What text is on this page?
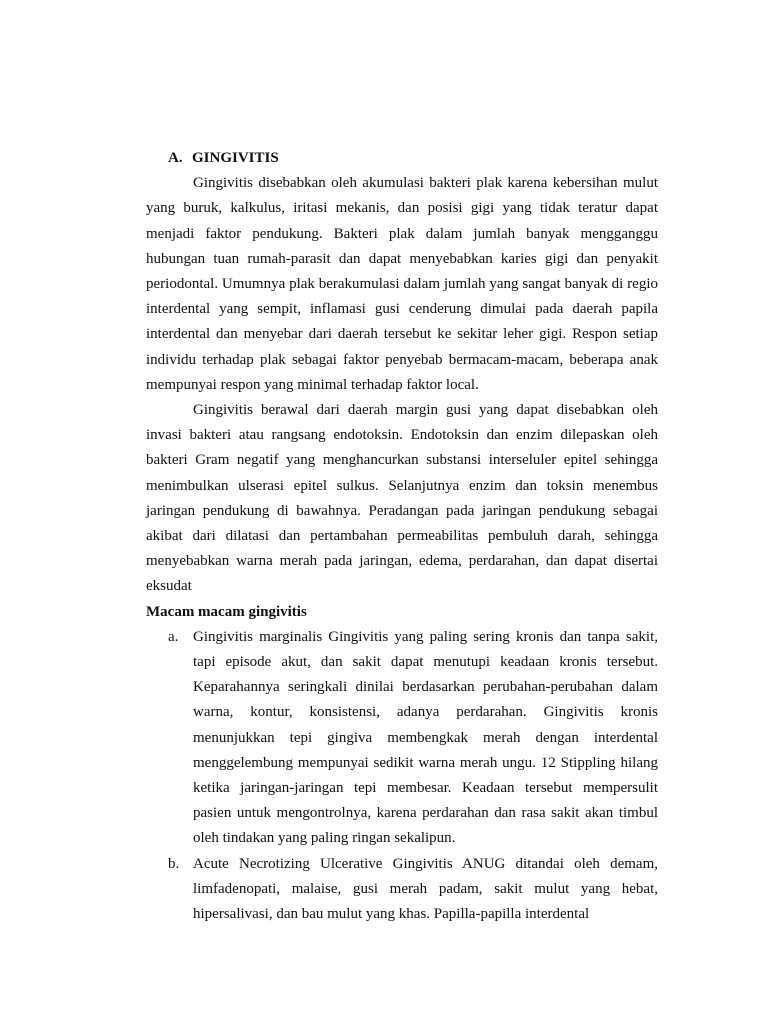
A. GINGIVITIS

Gingivitis disebabkan oleh akumulasi bakteri plak karena kebersihan mulut yang buruk, kalkulus, iritasi mekanis, dan posisi gigi yang tidak teratur dapat menjadi faktor pendukung. Bakteri plak dalam jumlah banyak mengganggu hubungan tuan rumah-parasit dan dapat menyebabkan karies gigi dan penyakit periodontal. Umumnya plak berakumulasi dalam jumlah yang sangat banyak di regio interdental yang sempit, inflamasi gusi cenderung dimulai pada daerah papila interdental dan menyebar dari daerah tersebut ke sekitar leher gigi. Respon setiap individu terhadap plak sebagai faktor penyebab bermacam-macam, beberapa anak mempunyai respon yang minimal terhadap faktor local.

Gingivitis berawal dari daerah margin gusi yang dapat disebabkan oleh invasi bakteri atau rangsang endotoksin. Endotoksin dan enzim dilepaskan oleh bakteri Gram negatif yang menghancurkan substansi interseluler epitel sehingga menimbulkan ulserasi epitel sulkus. Selanjutnya enzim dan toksin menembus jaringan pendukung di bawahnya. Peradangan pada jaringan pendukung sebagai akibat dari dilatasi dan pertambahan permeabilitas pembuluh darah, sehingga menyebabkan warna merah pada jaringan, edema, perdarahan, dan dapat disertai eksudat

Macam macam gingivitis

a. Gingivitis marginalis Gingivitis yang paling sering kronis dan tanpa sakit, tapi episode akut, dan sakit dapat menutupi keadaan kronis tersebut. Keparahannya seringkali dinilai berdasarkan perubahan-perubahan dalam warna, kontur, konsistensi, adanya perdarahan. Gingivitis kronis menunjukkan tepi gingiva membengkak merah dengan interdental menggelembung mempunyai sedikit warna merah ungu. 12 Stippling hilang ketika jaringan-jaringan tepi membesar. Keadaan tersebut mempersulit pasien untuk mengontrolnya, karena perdarahan dan rasa sakit akan timbul oleh tindakan yang paling ringan sekalipun.
b. Acute Necrotizing Ulcerative Gingivitis ANUG ditandai oleh demam, limfadenopati, malaise, gusi merah padam, sakit mulut yang hebat, hipersalivasi, dan bau mulut yang khas. Papilla-papilla interdental
